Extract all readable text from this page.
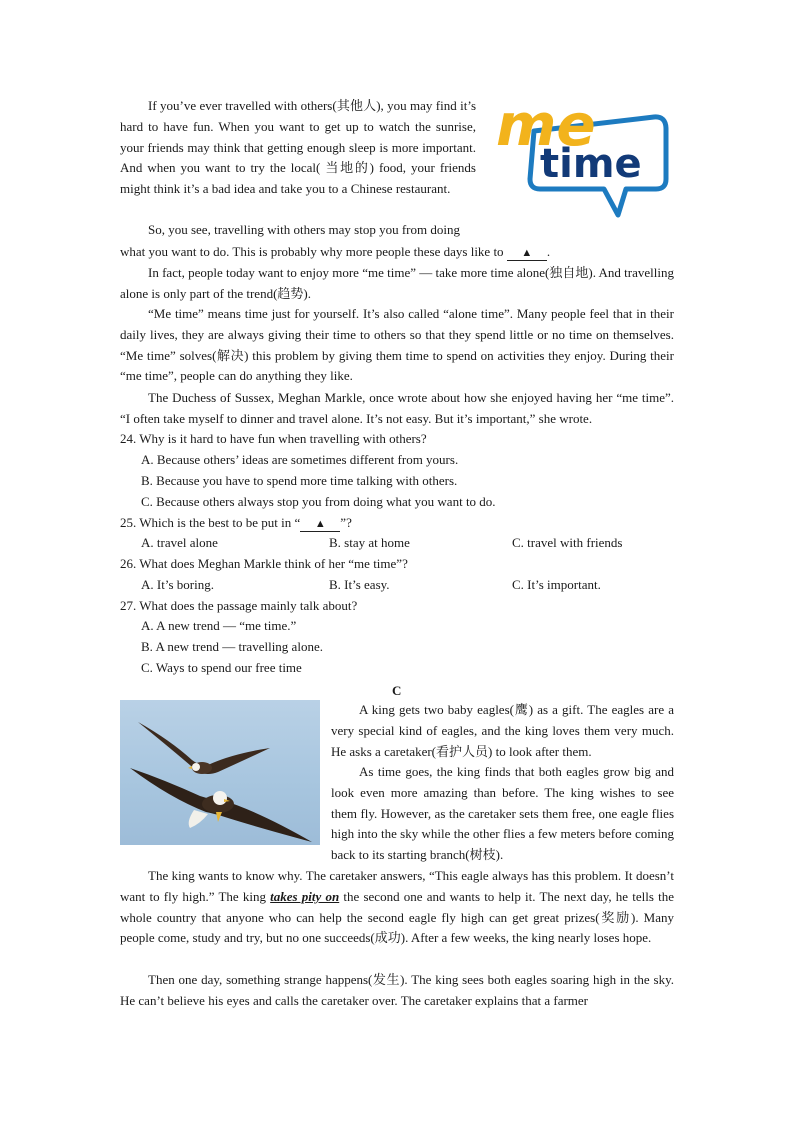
me
time
If you’ve ever travelled with others(其他人), you may find it’s hard to have fun. When you want to get up to watch the sunrise, your friends may think that getting enough sleep is more important. And when you want to try the local( 当地的) food, your friends might think it’s a bad idea and take you to a Chinese restaurant.
So, you see, travelling with others may stop you from doing
what you want to do. This is probably why more people these days like to ▲ .
In fact, people today want to enjoy more “me time” — take more time alone(独自地). And travelling alone is only part of the trend(趋势).
“Me time” means time just for yourself. It’s also called “alone time”. Many people feel that in their daily lives, they are always giving their time to others so that they spend little or no time on themselves. “Me time” solves(解决) this problem by giving them time to spend on activities they enjoy. During their “me time”, people can do anything they like.
The Duchess of Sussex, Meghan Markle, once wrote about how she enjoyed having her “me time”. “I often take myself to dinner and travel alone. It’s not easy. But it’s important,” she wrote.
24. Why is it hard to have fun when travelling with others?
A. Because others’ ideas are sometimes different from yours.
B. Because you have to spend more time talking with others.
C. Because others always stop you from doing what you want to do.
25. Which is the best to be put in “ ▲ ”?
A. travel alone	B. stay at home	C. travel with friends
26. What does Meghan Markle think of her “me time”?
A. It’s boring.	B. It’s easy.	C. It’s important.
27. What does the passage mainly talk about?
A. A new trend — “me time.”
B. A new trend — travelling alone.
C. Ways to spend our free time
C
A king gets two baby eagles(鹰) as a gift. The eagles are a very special kind of eagles, and the king loves them very much. He asks a caretaker(看护人员) to look after them.
As time goes, the king finds that both eagles grow big and look even more amazing than before. The king wishes to see them fly. However, as the caretaker sets them free, one eagle flies high into the sky while the other flies a few meters before coming back to its starting branch(树枝).
The king wants to know why. The caretaker answers, “This eagle always has this problem. It doesn’t want to fly high.” The king takes pity on the second one and wants to help it. The next day, he tells the whole country that anyone who can help the second eagle fly high can get great prizes(奖励). Many people come, study and try, but no one succeeds(成功). After a few weeks, the king nearly loses hope.
Then one day, something strange happens(发生). The king sees both eagles soaring high in the sky. He can’t believe his eyes and calls the caretaker over. The caretaker explains that a farmer
